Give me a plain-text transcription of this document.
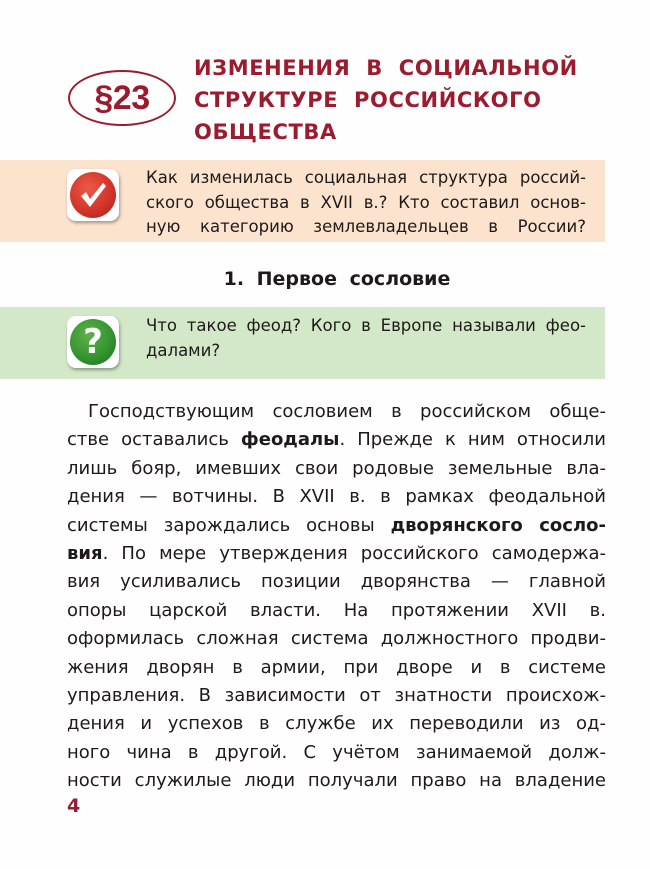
§23
ИЗМЕНЕНИЯ В СОЦИАЛЬНОЙ
СТРУКТУРЕ РОССИЙСКОГО
ОБЩЕСТВА
Как изменилась социальная структура россий-
ского общества в XVII в.? Кто составил основ-
ную категорию землевладельцев в России?
1. Первое сословие
?	Что такое феод? Кого в Европе называли фео-
далами?
Господствующим сословием в российском обще-
стве оставались феодалы. Прежде к ним относили
лишь бояр, имевших свои родовые земельные вла-
дения — вотчины. В XVII в. в рамках феодальной
системы зарождались основы дворянского сосло-
вия. По мере утверждения российского самодержа-
вия усиливались позиции дворянства — главной
опоры царской власти. На протяжении XVII в.
оформилась сложная система должностного продви-
жения дворян в армии, при дворе и в системе
управления. В зависимости от знатности происхож-
дения и успехов в службе их переводили из од-
ного чина в другой. С учётом занимаемой долж-
ности служилые люди получали право на владение
4
